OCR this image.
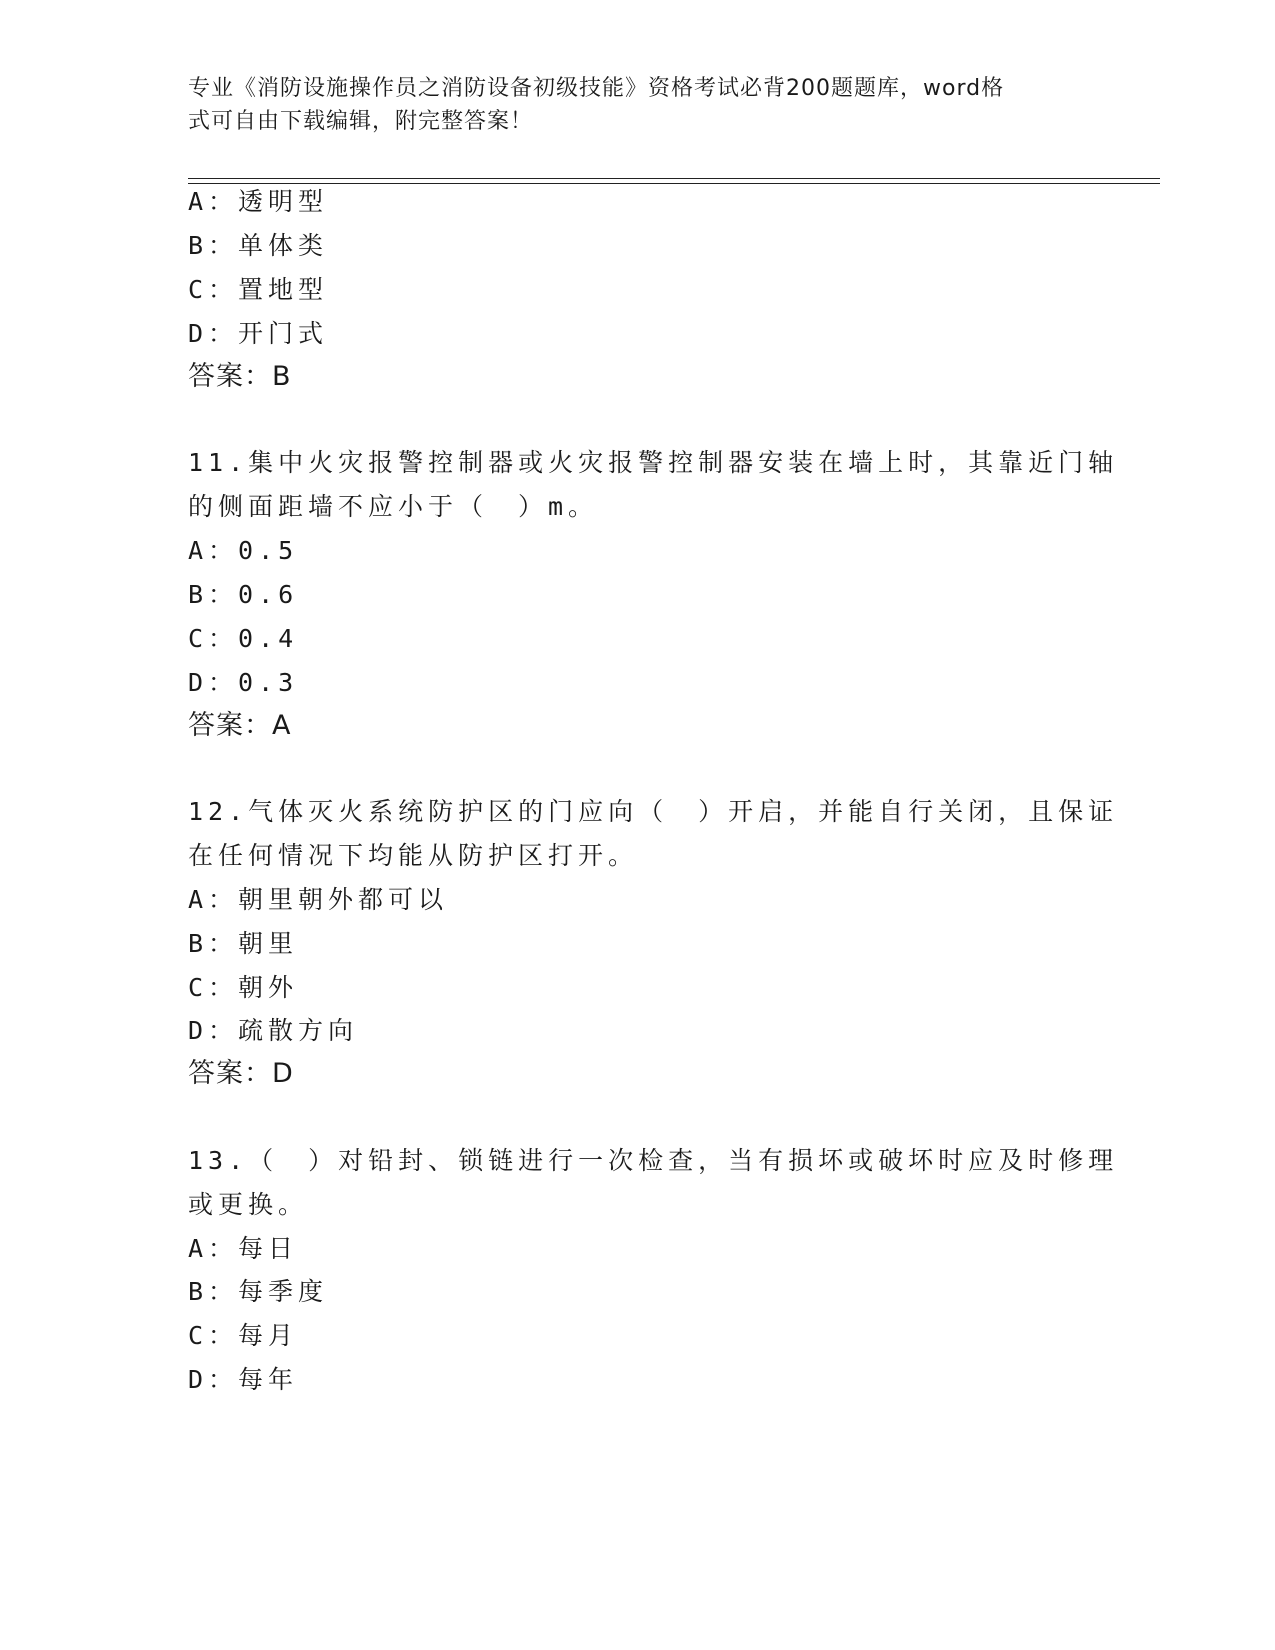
专业《消防设施操作员之消防设备初级技能》资格考试必背200题题库，word格
式可自由下载编辑，附完整答案！
A：透明型
B：单体类
C：置地型
D：开门式
答案：B
11.集中火灾报警控制器或火灾报警控制器安装在墙上时，其靠近门轴
的侧面距墙不应小于（　）m。
A：0.5
B：0.6
C：0.4
D：0.3
答案：A
12.气体灭火系统防护区的门应向（　）开启，并能自行关闭，且保证
在任何情况下均能从防护区打开。
A：朝里朝外都可以
B：朝里
C：朝外
D：疏散方向
答案：D
13.（　）对铅封、锁链进行一次检查，当有损坏或破坏时应及时修理
或更换。
A：每日
B：每季度
C：每月
D：每年
